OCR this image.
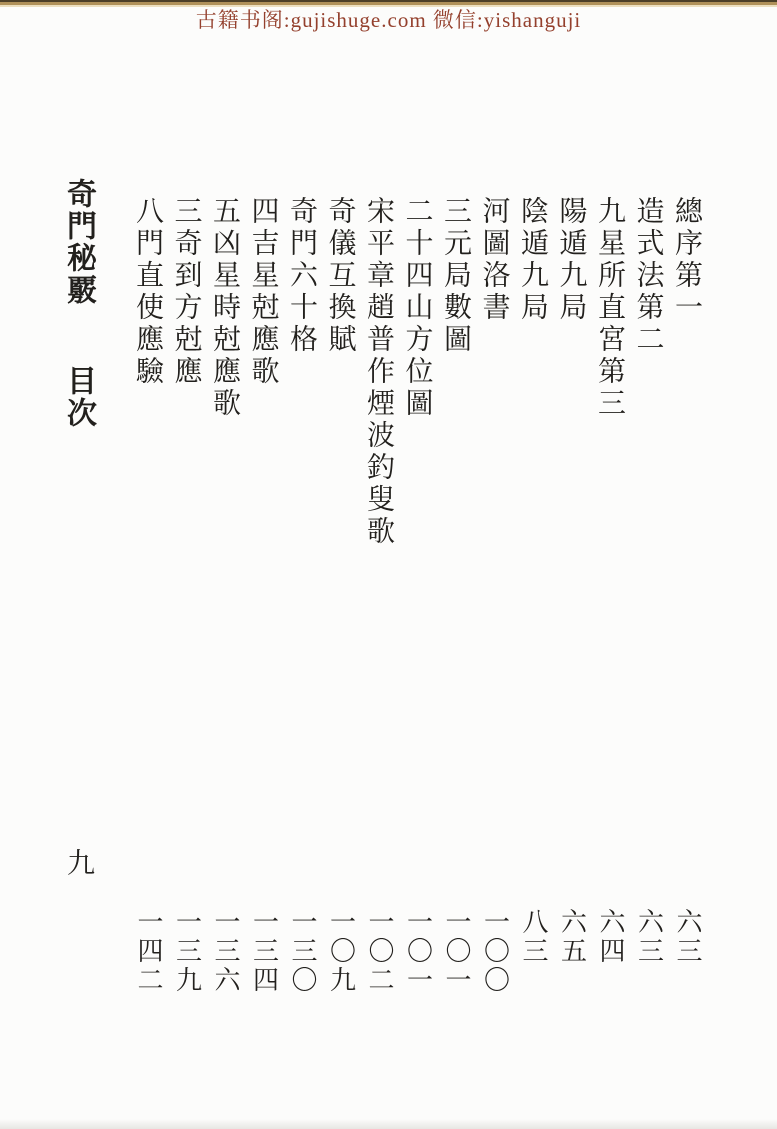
古籍书阁:gujishuge.com 微信:yishanguji
奇門秘覈 目次
總序第一
造式法第二
九星所直宮第三
陽遁九局
陰遁九局
河圖洛書
三元局數圖
二十四山方位圖
宋平章趙普作煙波釣叟歌
奇儀互換賦
奇門六十格
四吉星尅應歌
五凶星時尅應歌
三奇到方尅應
八門直使應驗
六三
六三
六四
六五
八三
一〇〇
一〇一
一〇一
一〇二
一〇九
一三〇
一三四
一三六
一三九
一四二
九
